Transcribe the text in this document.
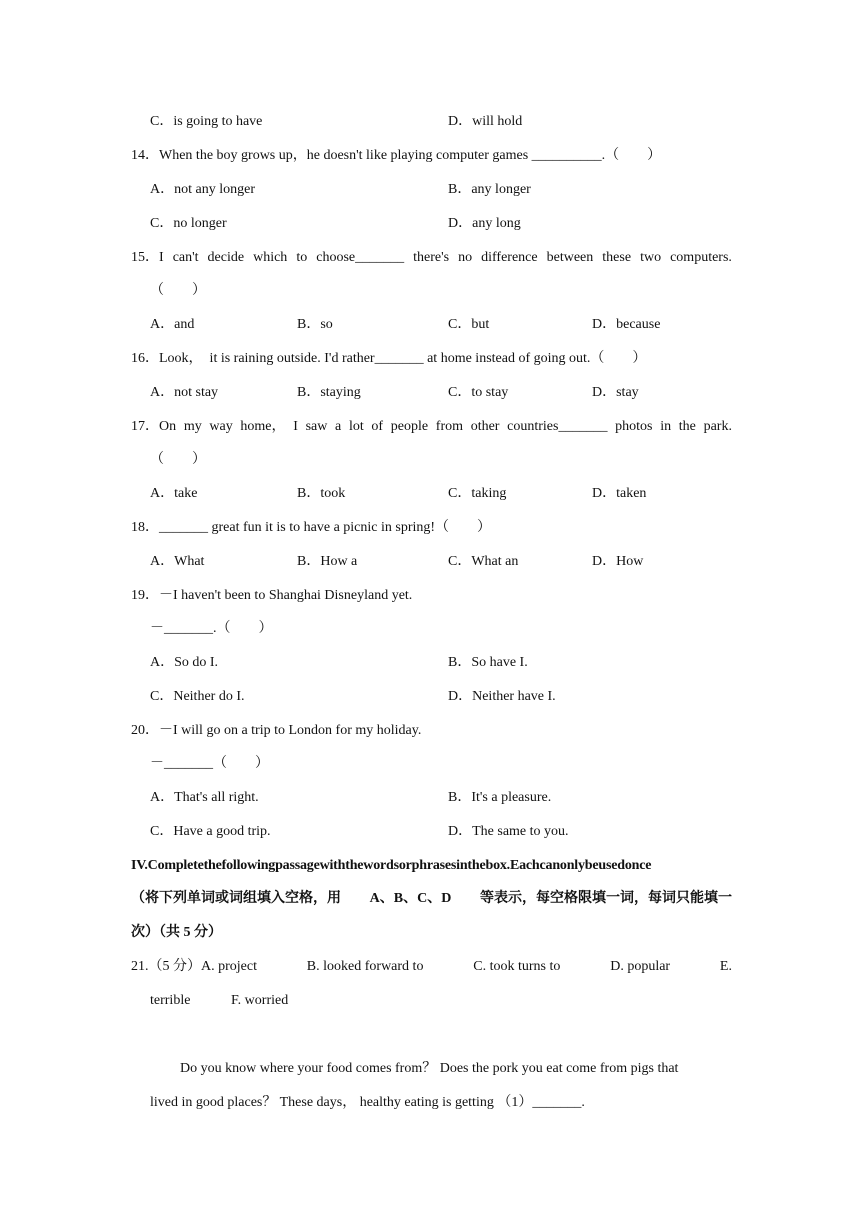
C．is going to have	D．will hold
14．When the boy grows up，he doesn't like playing computer games __________.（　　）
A．not any longer	B．any longer
C．no longer	D．any long
15．I can't decide which to choose_______ there's no difference between these two computers.
（　　）
A．and	B．so	C．but	D．because
16．Look，　it is raining outside. I'd rather_______ at home instead of going out.（　　）
A．not stay	B．staying	C．to stay	D．stay
17．On my way home， I saw a lot of people from other countries_______ photos in the park.
（　　）
A．take	B．took	C．taking	D．taken
18．_______ great fun it is to have a picnic in spring!（　　）
A．What	B．How a	C．What an	D．How
19．－I haven't been to Shanghai Disneyland yet.
－_______.（　　）
A．So do I.	B．So have I.
C．Neither do I.	D．Neither have I.
20．－I will go on a trip to London for my holiday.
－_______（　　）
A．That's all right.	B．It's a pleasure.
C．Have a good trip.	D．The same to you.
IV.Completethefollowingpassagewiththewordsorphrasesinthebox.Eachcanonlybeusedonce
（将下列单词或词组填入空格，用 A、B、C、D 等表示，每空格限填一词，每词只能填一
次）（共 5 分）
21.（5 分）A. project	B. looked forward to	C. took turns to	D. popular	E.
terrible	F. worried
Do you know where your food comes from？ Does the pork you eat come from pigs that
lived in good places？ These days， healthy eating is getting （1）_______.
